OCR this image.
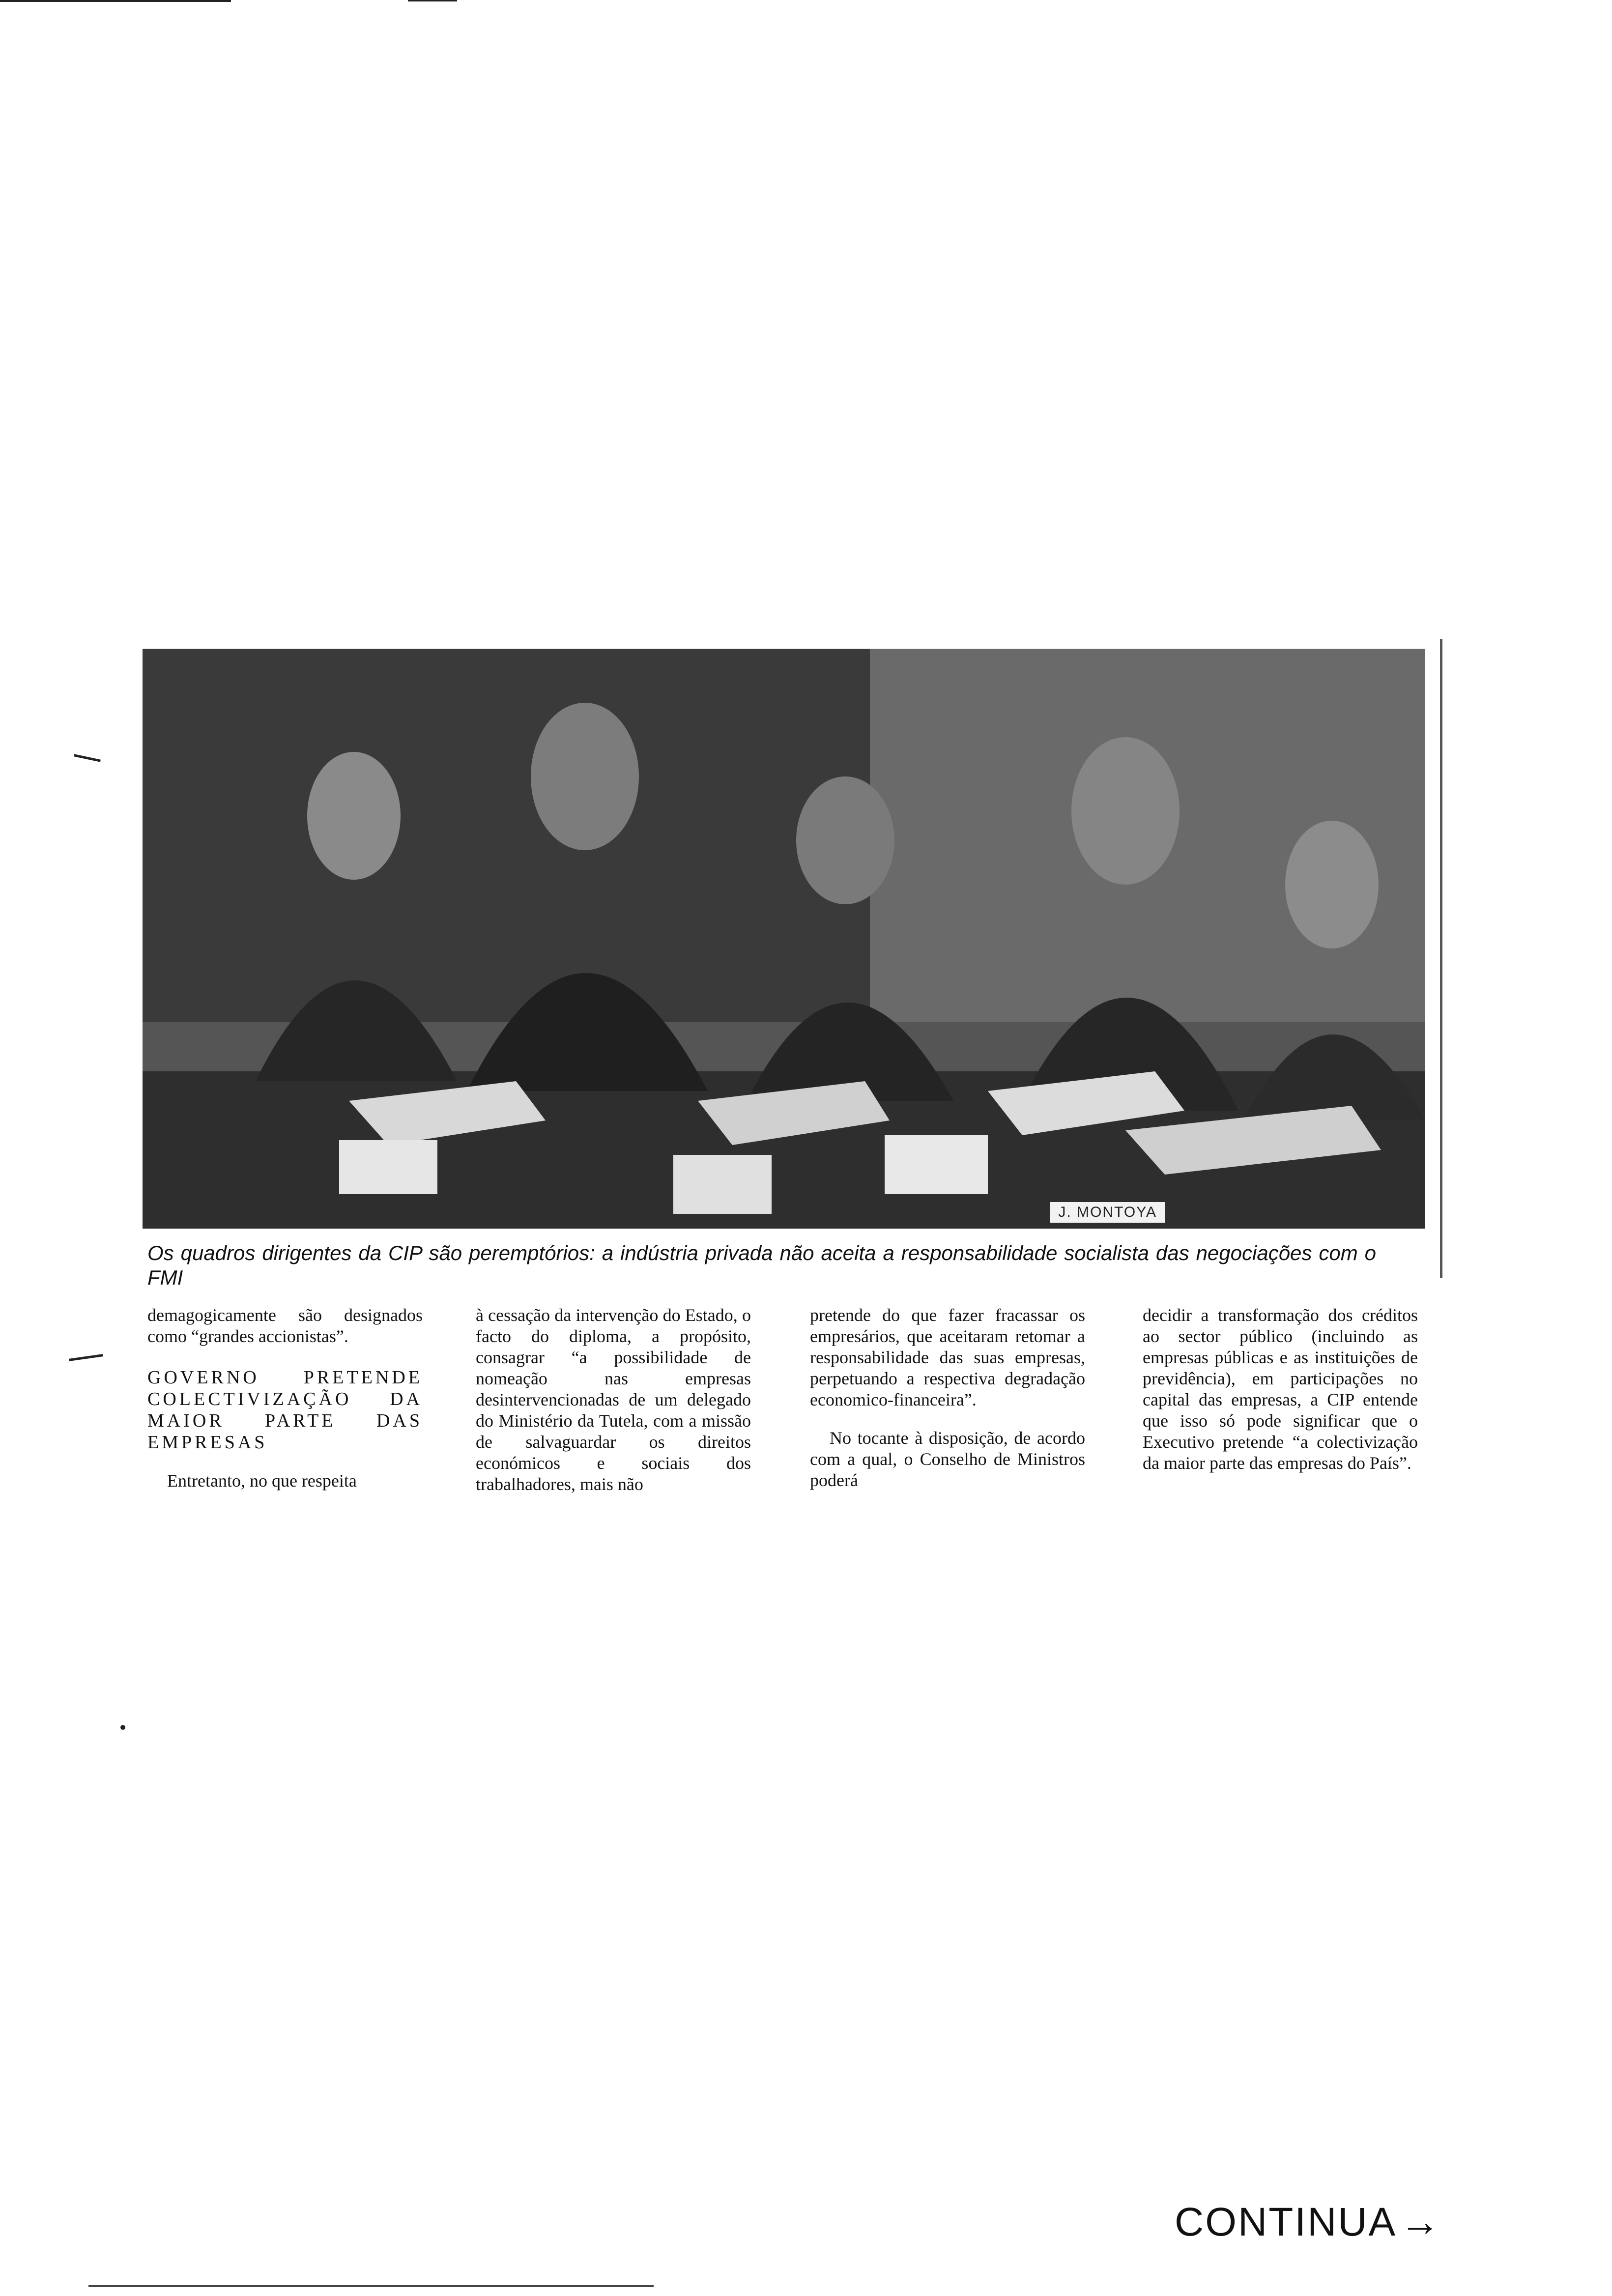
J. MONTOYA
Os quadros dirigentes da CIP são peremptórios: a indústria privada não aceita a responsabilidade socialista das negociações com o FMI

demagogicamente são designados como “grandes accionistas”.

GOVERNO PRETENDE COLECTIVIZAÇÃO DA MAIOR PARTE DAS EMPRESAS

Entretanto, no que respeita

à cessação da intervenção do Estado, o facto do diploma, a propósito, consagrar “a possibilidade de nomeação nas empresas desintervencionadas de um delegado do Ministério da Tutela, com a missão de salvaguardar os direitos económicos e sociais dos trabalhadores, mais não

pretende do que fazer fracassar os empresários, que aceitaram retomar a responsabilidade das suas empresas, perpetuando a respectiva degradação economico-financeira”.

No tocante à disposição, de acordo com a qual, o Conselho de Ministros poderá

decidir a transformação dos créditos ao sector público (incluindo as empresas públicas e as instituições de previdência), em participações no capital das empresas, a CIP entende que isso só pode significar que o Executivo pretende “a colectivização da maior parte das empresas do País”.

CONTINUA→
